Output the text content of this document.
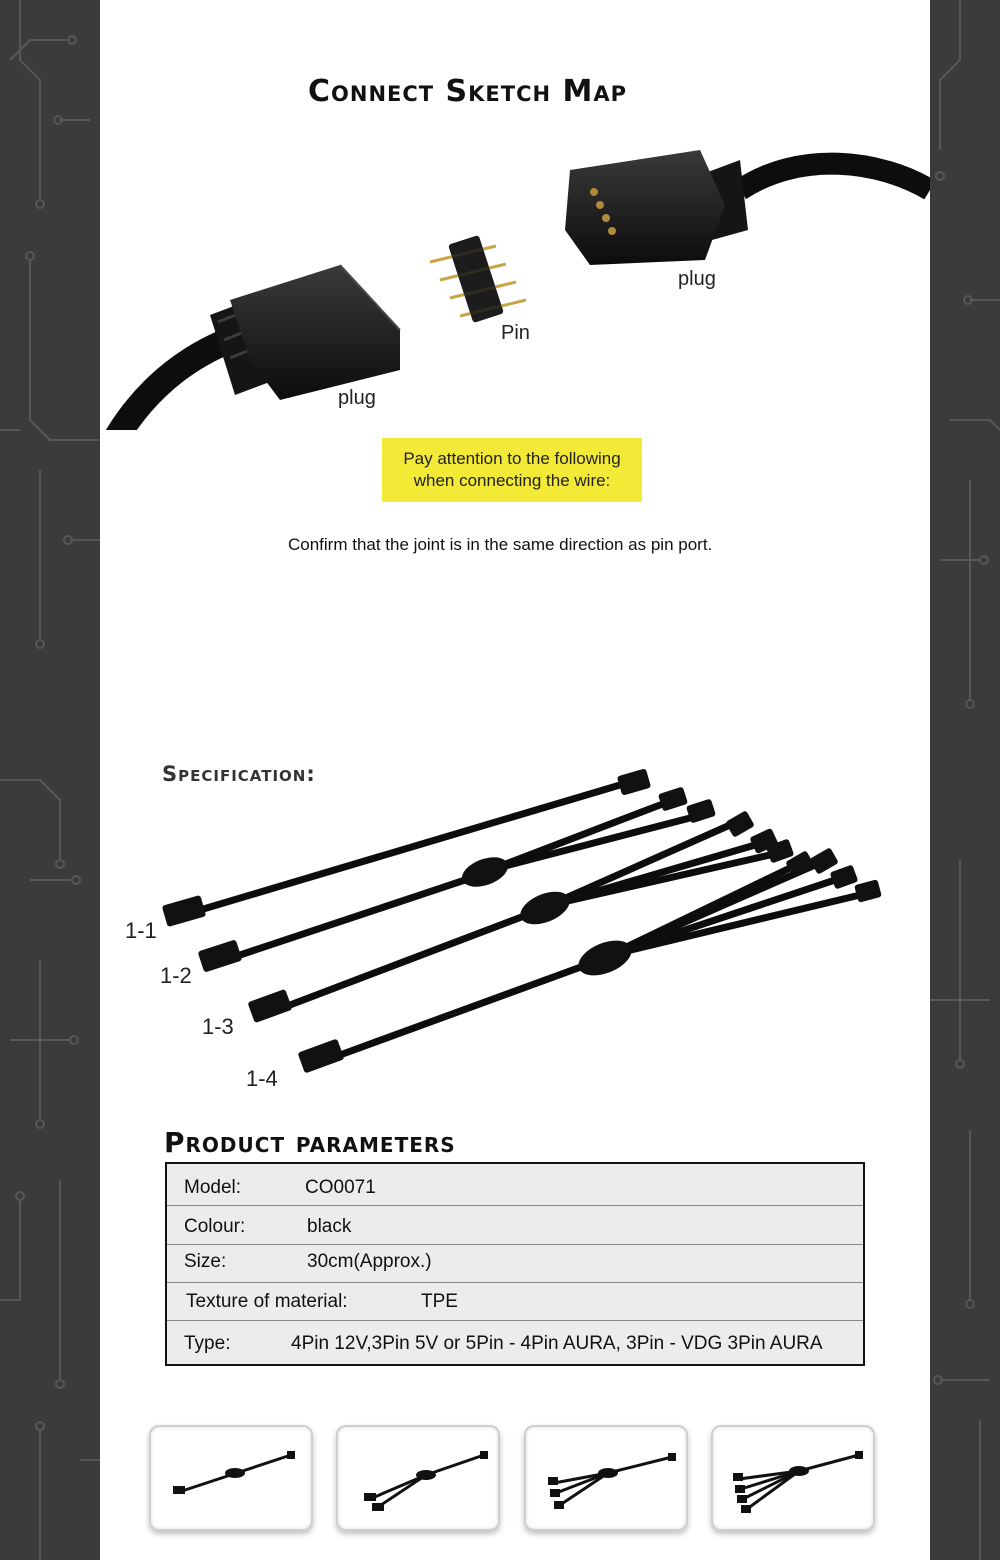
Connect Sketch Map
plug
Pin
plug
Pay attention to the following
when connecting the wire:
Confirm that the joint is in the same direction as pin port.
Specification:
1-1
1-2
1-3
1-4
Product parameters
Model:	CO0071
Colour:	black
Size:	30cm(Approx.)
Texture of material:	TPE
Type:	4Pin 12V,3Pin 5V or 5Pin - 4Pin AURA, 3Pin - VDG 3Pin AURA
